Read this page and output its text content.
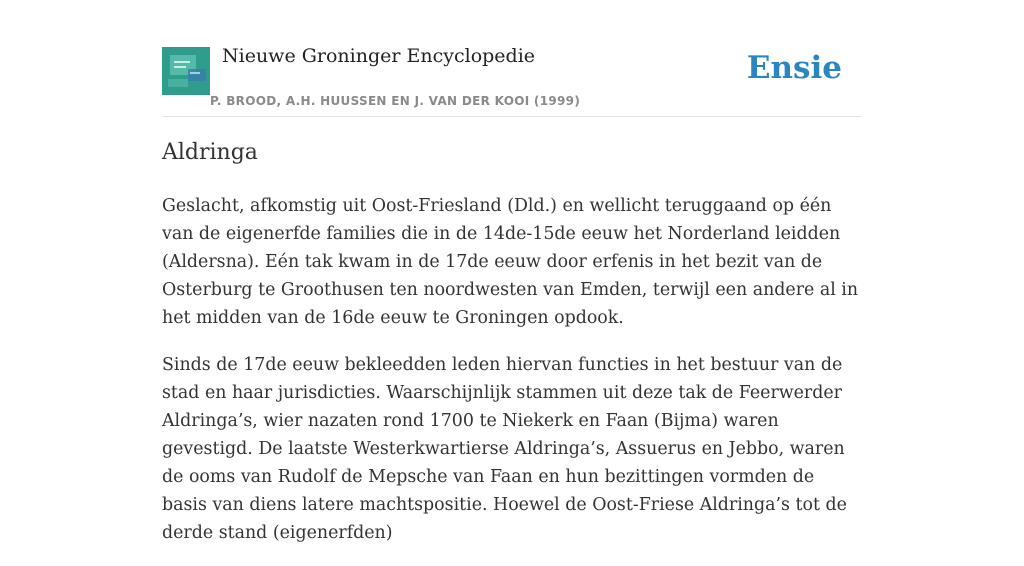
Nieuwe Groninger Encyclopedie
P. BROOD, A.H. HUUSSEN EN J. VAN DER KOOI (1999)
Ensie
Aldringa

Geslacht, afkomstig uit Oost-Friesland (Dld.) en wellicht teruggaand op één van de eigenerfde families die in de 14de-15de eeuw het Norderland leidden (Aldersna). Eén tak kwam in de 17de eeuw door erfenis in het bezit van de Osterburg te Groothusen ten noordwesten van Emden, terwijl een andere al in het midden van de 16de eeuw te Groningen opdook.

Sinds de 17de eeuw bekleedden leden hiervan functies in het bestuur van de stad en haar jurisdicties. Waarschijnlijk stammen uit deze tak de Feerwerder Aldringa’s, wier nazaten rond 1700 te Niekerk en Faan (Bijma) waren gevestigd. De laatste Westerkwartierse Aldringa’s, Assuerus en Jebbo, waren de ooms van Rudolf de Mepsche van Faan en hun bezittingen vormden de basis van diens latere machtspositie. Hoewel de Oost-Friese Aldringa’s tot de derde stand (eigenerfden)
